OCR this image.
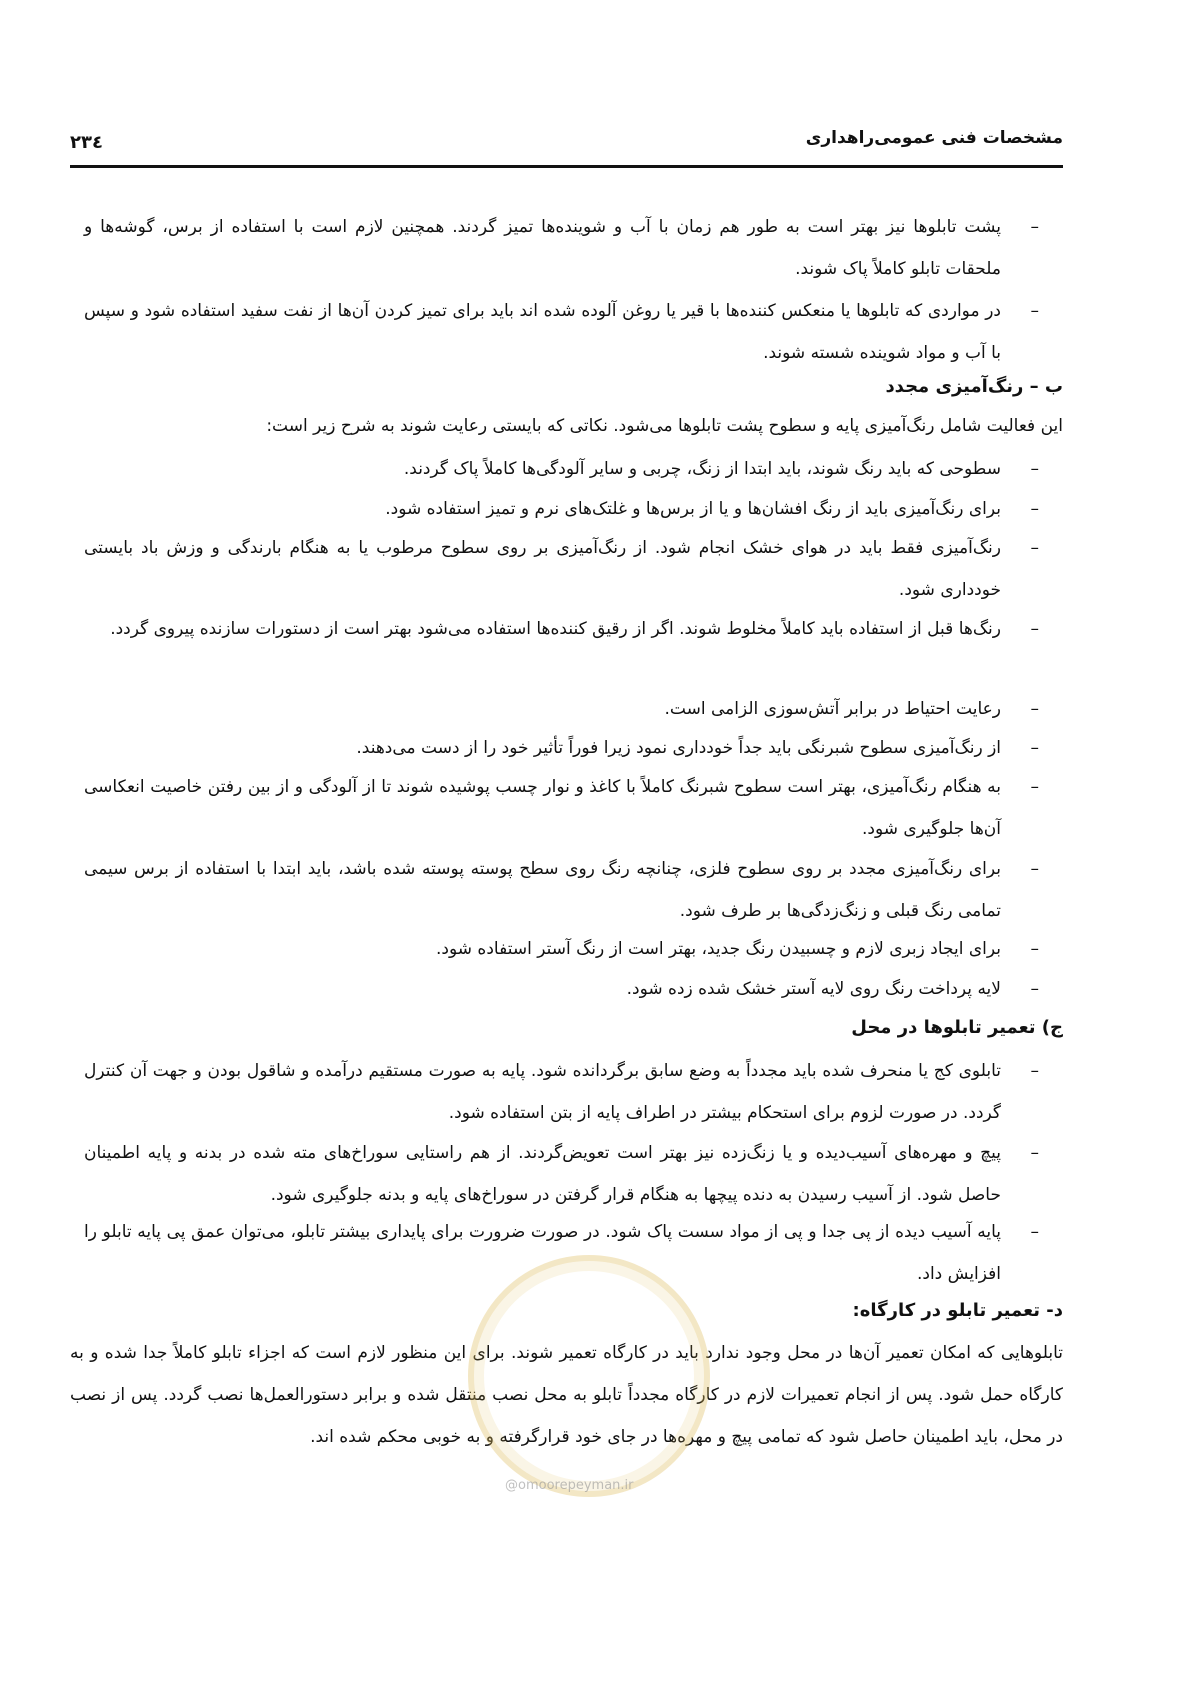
مشخصات فنی عمومی‌راهداری
۲۳٤
–
پشت تابلوها نیز بهتر است به طور هم زمان با آب و شوینده‌ها تمیز گردند. همچنین لازم است با استفاده از برس، گوشه‌ها و ملحقات تابلو کاملاً پاک شوند.
–
در مواردی که تابلوها یا منعکس کننده‌ها با قیر یا روغن آلوده شده اند باید برای تمیز کردن آن‌ها از نفت سفید استفاده شود و سپس با آب و مواد شوینده شسته شوند.
ب – رنگ‌آمیزی مجدد
این فعالیت شامل رنگ‌آمیزی پایه و سطوح پشت تابلوها می‌شود. نکاتی که بایستی رعایت شوند به شرح زیر است:
–
سطوحی که باید رنگ شوند، باید ابتدا از زنگ، چربی و سایر آلودگی‌ها کاملاً پاک گردند.
–
برای رنگ‌آمیزی باید از رنگ افشان‌ها و یا از برس‌ها و غلتک‌های نرم و تمیز استفاده شود.
–
رنگ‌آمیزی فقط باید در هوای خشک انجام شود. از رنگ‌آمیزی بر روی سطوح مرطوب یا به هنگام بارندگی و وزش باد بایستی خودداری شود.
–
رنگ‌ها قبل از استفاده باید کاملاً مخلوط شوند. اگر از رقیق کننده‌ها استفاده می‌شود بهتر است از دستورات سازنده پیروی گردد.
–
رعایت احتیاط در برابر آتش‌سوزی الزامی است.
–
از رنگ‌آمیزی سطوح شبرنگی باید جداً خودداری نمود زیرا فوراً تأثیر خود را از دست می‌دهند.
–
به هنگام رنگ‌آمیزی، بهتر است سطوح شبرنگ کاملاً با کاغذ و نوار چسب پوشیده شوند تا از آلودگی و از بین رفتن خاصیت انعکاسی آن‌ها جلوگیری شود.
–
برای رنگ‌آمیزی مجدد بر روی سطوح فلزی، چنانچه رنگ روی سطح پوسته پوسته شده باشد، باید ابتدا با استفاده از برس سیمی تمامی رنگ قبلی و زنگ‌زدگی‌ها بر طرف شود.
–
برای ایجاد زبری لازم و چسبیدن رنگ جدید، بهتر است از رنگ آستر استفاده شود.
–
لایه پرداخت رنگ روی لایه آستر خشک شده زده شود.
ج) تعمیر تابلوها در محل
–
تابلوی کج یا منحرف شده باید مجدداً به وضع سابق برگردانده شود. پایه به صورت مستقیم درآمده و شاقول بودن و جهت آن کنترل گردد. در صورت لزوم برای استحکام بیشتر در اطراف پایه از بتن استفاده شود.
–
پیچ و مهره‌های آسیب‌دیده و یا زنگ‌زده نیز بهتر است تعویض‌گردند. از هم راستایی سوراخ‌های مته شده در بدنه و پایه اطمینان حاصل شود. از آسیب رسیدن به دنده پیچها به هنگام قرار گرفتن در سوراخ‌های پایه و بدنه جلوگیری شود.
–
پایه آسیب دیده از پی جدا و پی از مواد سست پاک شود. در صورت ضرورت برای پایداری بیشتر تابلو، می‌توان عمق پی پایه تابلو را افزایش داد.
د- تعمیر تابلو در کارگاه:
تابلوهایی که امکان تعمیر آن‌ها در محل وجود ندارد باید در کارگاه تعمیر شوند. برای این منظور لازم است که اجزاء تابلو کاملاً جدا شده و به کارگاه حمل شود. پس از انجام تعمیرات لازم در کارگاه مجدداً تابلو به محل نصب منتقل شده و برابر دستورالعمل‌ها نصب گردد. پس از نصب در محل، باید اطمینان حاصل شود که تمامی پیچ و مهره‌ها در جای خود قرارگرفته و به خوبی محکم شده اند.
@omoorepeyman.ir
